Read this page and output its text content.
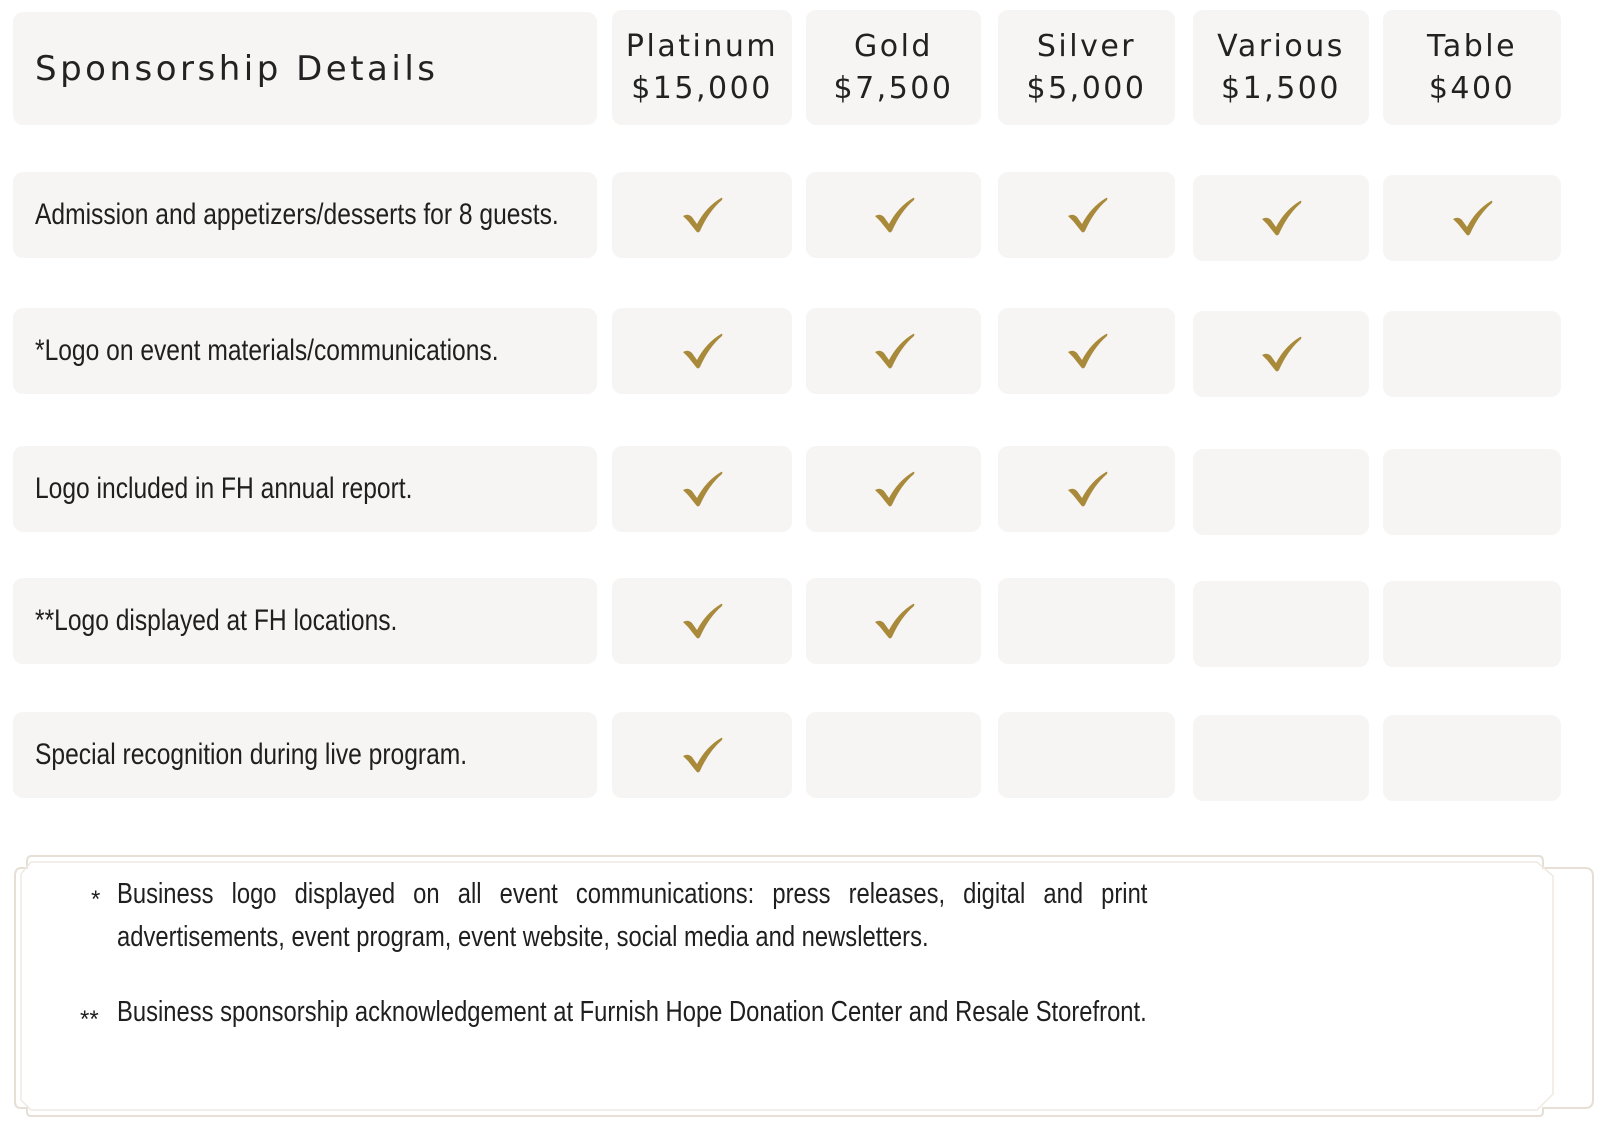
Sponsorship Details
Platinum
$15,000
Gold
$7,500
Silver
$5,000
Various
$1,500
Table
$400
Admission and appetizers/desserts for 8 guests.
*Logo on event materials/communications.
Logo included in FH annual report.
**Logo displayed at FH locations.
Special recognition during live program.
* Business logo displayed on all event communications: press releases, digital and print
advertisements, event program, event website, social media and newsletters.
** Business sponsorship acknowledgement at Furnish Hope Donation Center and Resale Storefront.
